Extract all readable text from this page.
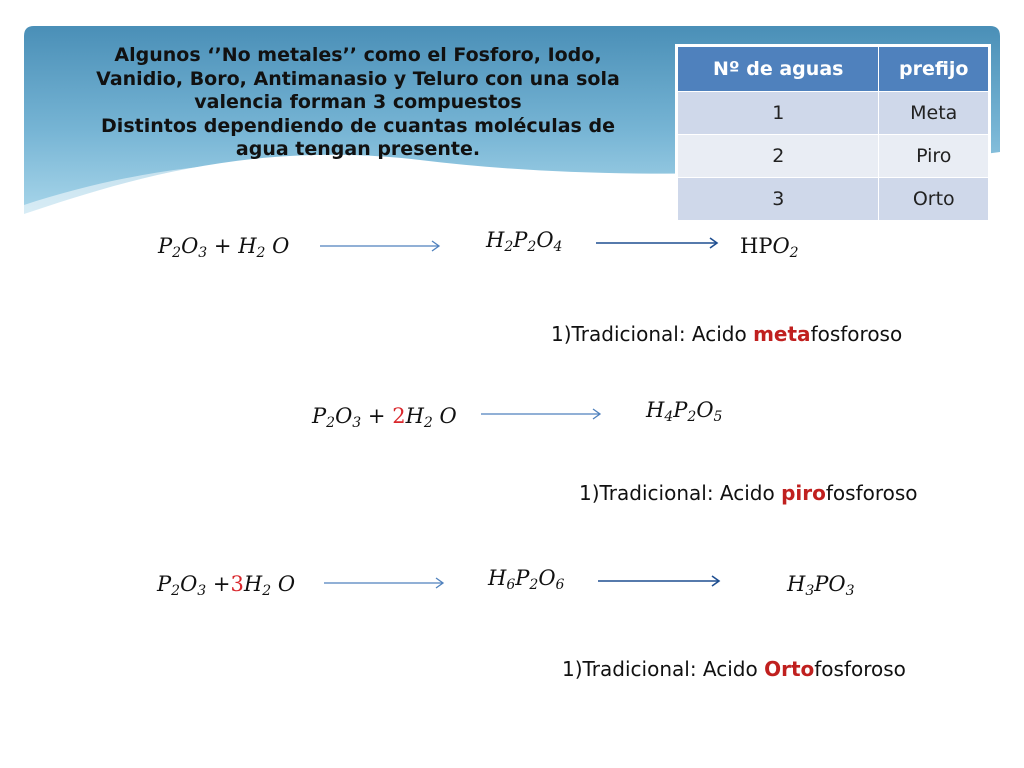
Algunos ‘’No metales’’ como el Fosforo, Iodo,
Vanidio, Boro, Antimanasio y Teluro con una sola
valencia forman 3 compuestos
Distintos dependiendo de cuantas moléculas de
agua tengan presente.
Nº de aguas	prefijo
1	Meta
2	Piro
3	Orto
$P_2O_3 + H_2$ O	$H_2P_2O_4$	$HPO_2$
1)Tradicional: Acido metafosforoso
$P_2O_3 + 2H_2$ O	$H_4P_2O_5$
1)Tradicional: Acido pirofosforoso
$P_2O_3 +3H_2$ O	$H_6P_2O_6$	$H_3PO_3$
1)Tradicional: Acido Ortofosforoso
